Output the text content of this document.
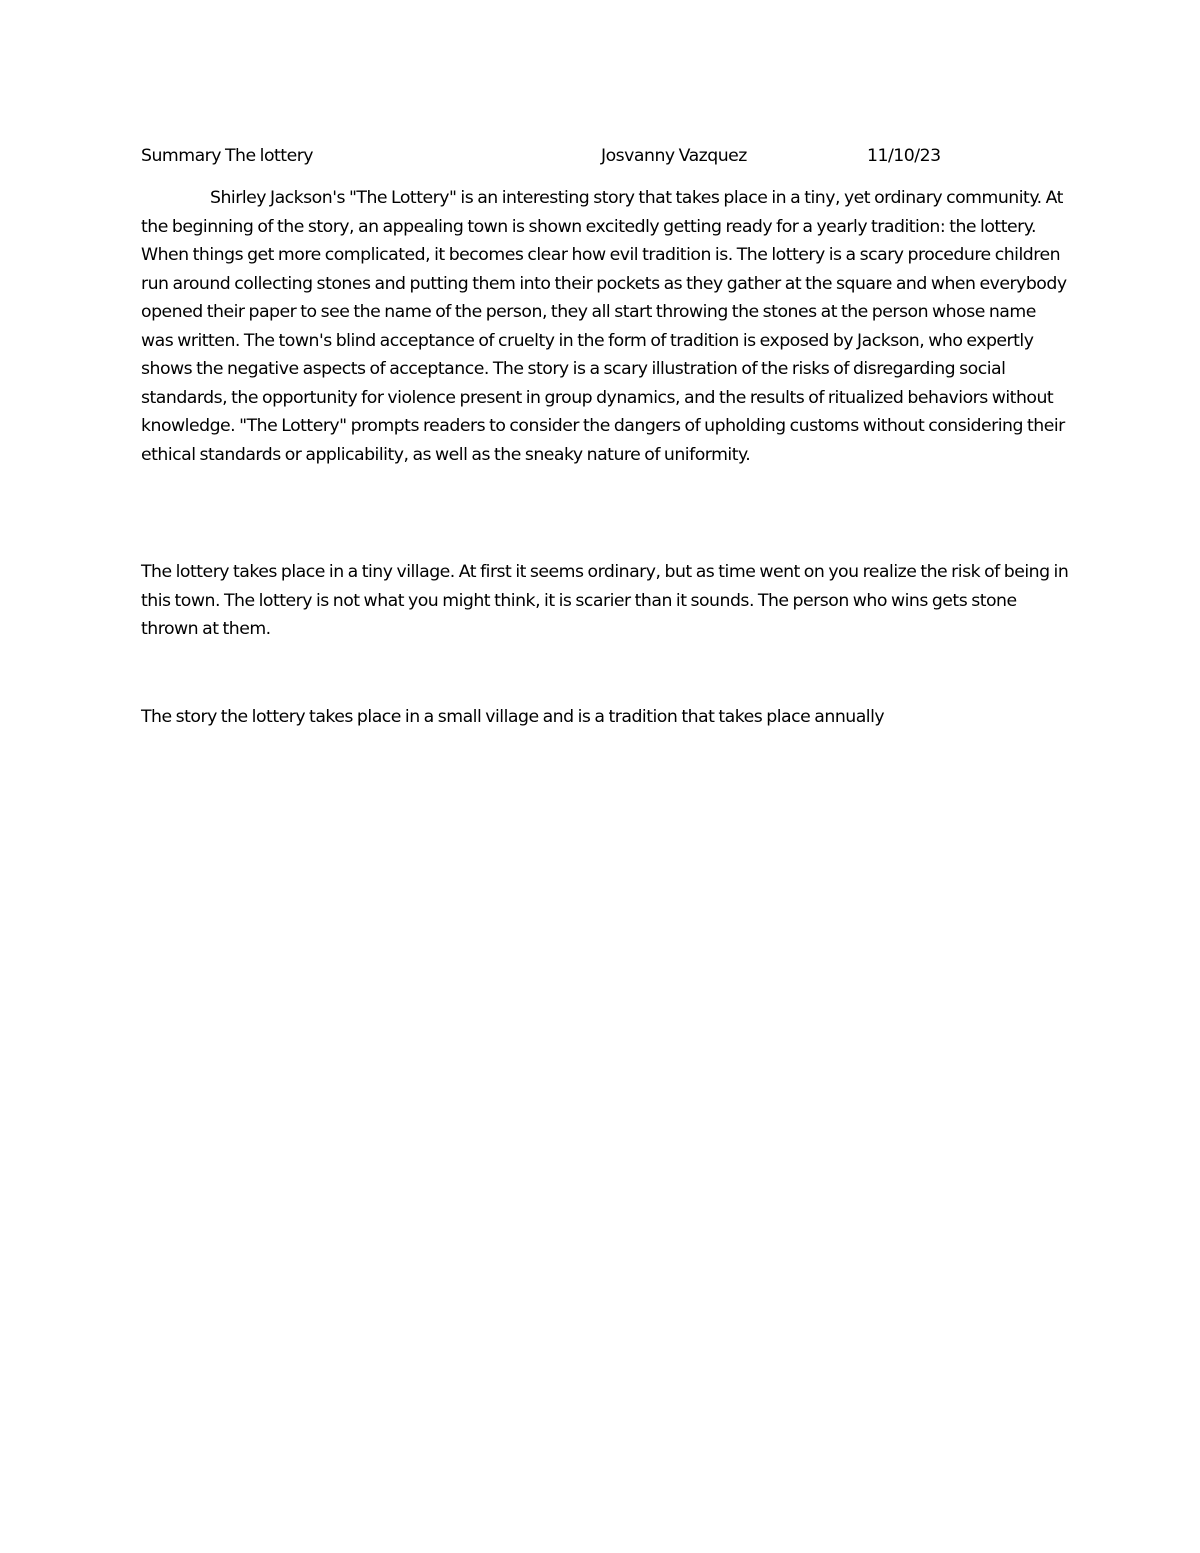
Summary The lottery	Josvanny Vazquez	11/10/23

Shirley Jackson's "The Lottery" is an interesting story that takes place in a tiny, yet ordinary community. At the beginning of the story, an appealing town is shown excitedly getting ready for a yearly tradition: the lottery. When things get more complicated, it becomes clear how evil tradition is. The lottery is a scary procedure children run around collecting stones and putting them into their pockets as they gather at the square and when everybody opened their paper to see the name of the person, they all start throwing the stones at the person whose name was written. The town's blind acceptance of cruelty in the form of tradition is exposed by Jackson, who expertly shows the negative aspects of acceptance. The story is a scary illustration of the risks of disregarding social standards, the opportunity for violence present in group dynamics, and the results of ritualized behaviors without knowledge. "The Lottery" prompts readers to consider the dangers of upholding customs without considering their ethical standards or applicability, as well as the sneaky nature of uniformity.

The lottery takes place in a tiny village. At first it seems ordinary, but as time went on you realize the risk of being in this town. The lottery is not what you might think, it is scarier than it sounds. The person who wins gets stone thrown at them.

The story the lottery takes place in a small village and is a tradition that takes place annually
